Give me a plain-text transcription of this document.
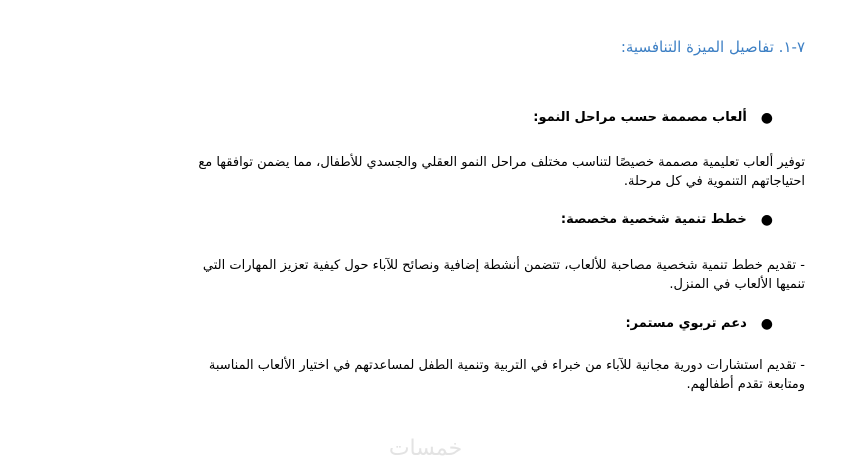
٧-١. تفاصيل الميزة التنافسية:
●
ألعاب مصممة حسب مراحل النمو:

توفير ألعاب تعليمية مصممة خصيصًا لتناسب مختلف مراحل النمو العقلي والجسدي للأطفال، مما يضمن توافقها مع

احتياجاتهم التنموية في كل مرحلة.

●
خطط تنمية شخصية مخصصة:

- تقديم خطط تنمية شخصية مصاحبة للألعاب، تتضمن أنشطة إضافية ونصائح للآباء حول كيفية تعزيز المهارات التي

تنميها الألعاب في المنزل.

●
دعم تربوي مستمر:

- تقديم استشارات دورية مجانية للآباء من خبراء في التربية وتنمية الطفل لمساعدتهم في اختيار الألعاب المناسبة

ومتابعة تقدم أطفالهم.

خمسات
